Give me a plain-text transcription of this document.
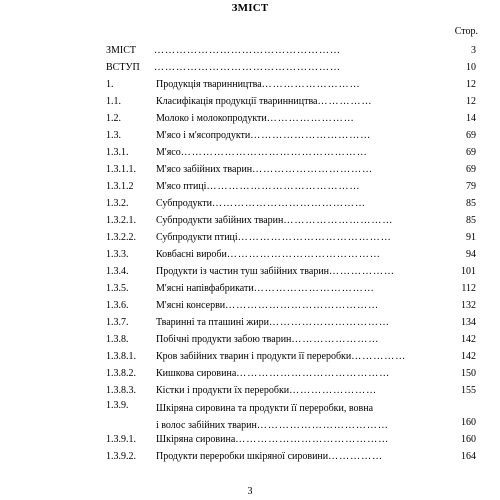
ЗМІСТ
Стор.
ЗМІСТ ……………………………………………	3
ВСТУП ……………………………………………	10
1.	Продукція тваринництва………………………	12
1.1.	Класифікація продукції тваринництва……………	12
1.2.	Молоко і молокопродукти……………………	14
1.3.	М'ясо і м'ясопродукти……………………………	69
1.3.1.	М'ясо……………………………………………	69
1.3.1.1. М'ясо забійних тварин……………………………	69
1.3.1.2 М'ясо птиці……………………………………	79
1.3.2.	Субпродукти……………………………………	85
1.3.2.1. Субпродукти забійних тварин…………………………	85
1.3.2.2. Субпродукти птиці……………………………………	91
1.3.3.	Ковбасні вироби……………………………………	94
1.3.4.	Продукти із частин туш забійних тварин………………	101
1.3.5.	М'ясні напівфабрикати……………………………	112
1.3.6.	М'ясні консерви……………………………………	132
1.3.7.	Тваринні та пташині жири……………………………	134
1.3.8.	Побічні продукти забою тварин……………………	142
1.3.8.1. Кров забійних тварин і продукти її переробки……………	142
1.3.8.2. Кишкова сировина……………………………………	150
1.3.8.3. Кістки і продукти їх переробки……………………	155
1.3.9.	Шкіряна сировина та продукти її переробки, вовна
і волос забійних тварин………………………………	160
1.3.9.1. Шкіряна сировина……………………………………	160
1.3.9.2. Продукти переробки шкіряної сировини……………	164
3
